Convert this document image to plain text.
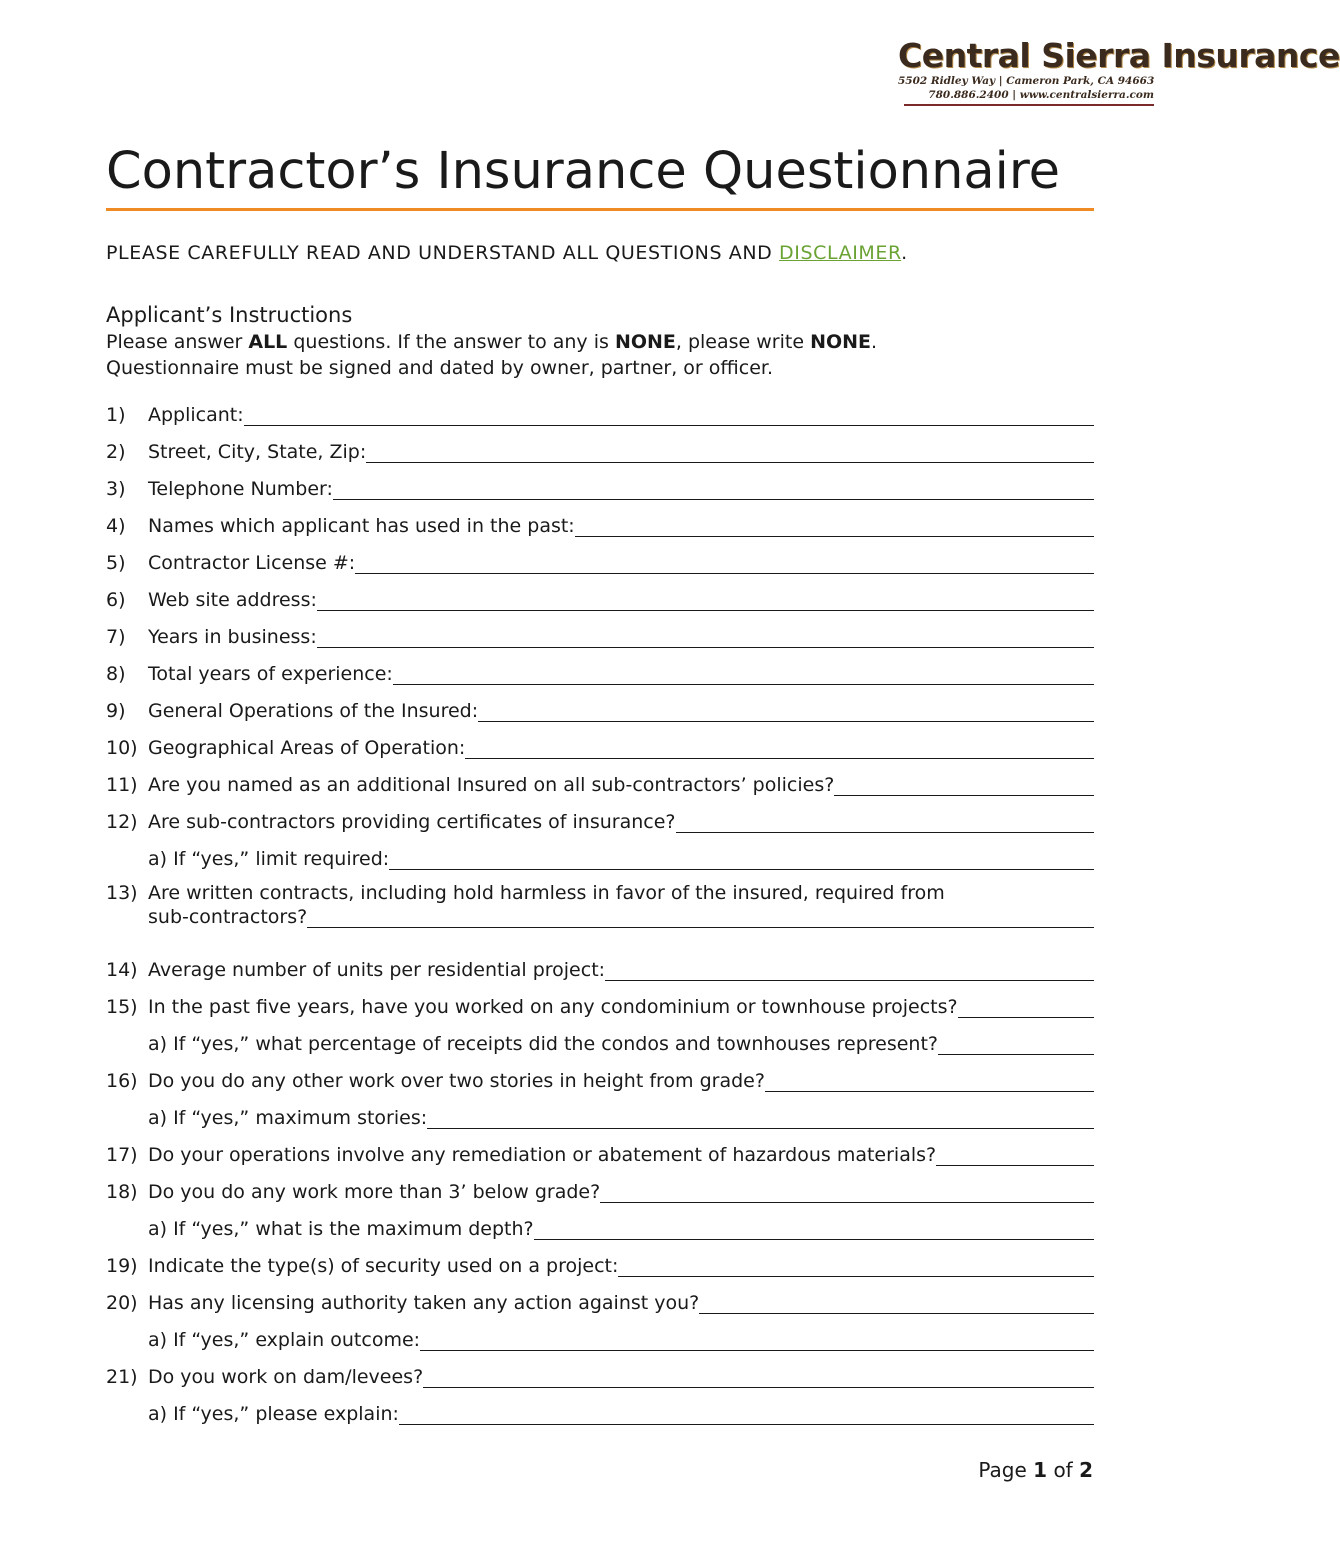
Central Sierra Insurance
5502 Ridley Way | Cameron Park, CA 94663
780.886.2400 | www.centralsierra.com
Contractor’s Insurance Questionnaire
PLEASE CAREFULLY READ AND UNDERSTAND ALL QUESTIONS AND DISCLAIMER.
Applicant’s Instructions
Please answer ALL questions. If the answer to any is NONE, please write NONE.
Questionnaire must be signed and dated by owner, partner, or officer.
1)	Applicant:
2)	Street, City, State, Zip:
3)	Telephone Number:
4)	Names which applicant has used in the past:
5)	Contractor License #:
6)	Web site address:
7)	Years in business:
8)	Total years of experience:
9)	General Operations of the Insured:
10) Geographical Areas of Operation:
11) Are you named as an additional Insured on all sub-contractors’ policies?
12) Are sub-contractors providing certificates of insurance?
a) If “yes,” limit required:
13) Are written contracts, including hold harmless in favor of the insured, required from
sub-contractors?
14) Average number of units per residential project:
15) In the past five years, have you worked on any condominium or townhouse projects?
a) If “yes,” what percentage of receipts did the condos and townhouses represent?
16) Do you do any other work over two stories in height from grade?
a) If “yes,” maximum stories:
17) Do your operations involve any remediation or abatement of hazardous materials?
18) Do you do any work more than 3’ below grade?
a) If “yes,” what is the maximum depth?
19) Indicate the type(s) of security used on a project:
20) Has any licensing authority taken any action against you?
a) If “yes,” explain outcome:
21) Do you work on dam/levees?
a) If “yes,” please explain:
Page 1 of 2
